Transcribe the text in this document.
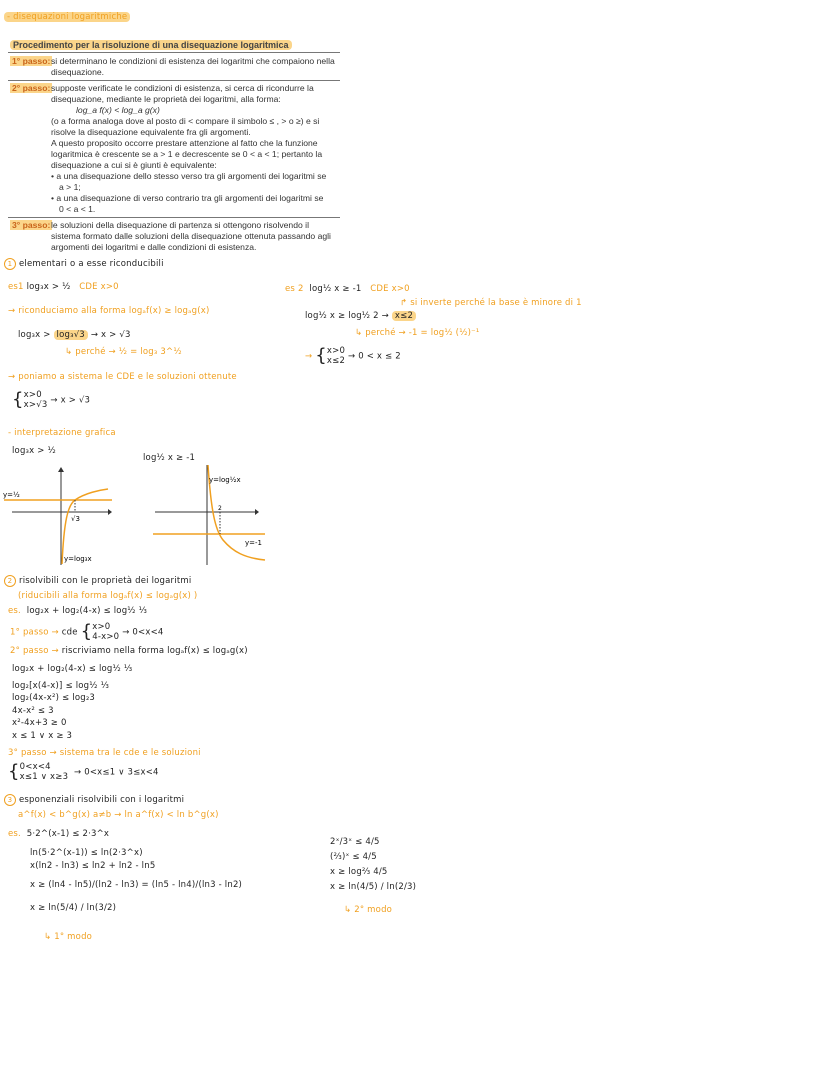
- disequazioni logaritmiche
Procedimento per la risoluzione di una disequazione logaritmica
1° passo: si determinano le condizioni di esistenza dei logaritmi che compaiono nella
disequazione.
2° passo: supposte verificate le condizioni di esistenza, si cerca di ricondurre la
disequazione, mediante le proprietà dei logaritmi, alla forma:
log_a f(x) < log_a g(x)
(o a forma analoga dove al posto di < compare il simbolo ≤ , > o ≥) e si
risolve la disequazione equivalente fra gli argomenti.
A questo proposito occorre prestare attenzione al fatto che la funzione
logaritmica è crescente se a > 1 e decrescente se 0 < a < 1; pertanto la
disequazione a cui si è giunti è equivalente:
• a una disequazione dello stesso verso tra gli argomenti dei logaritmi se
a > 1;
• a una disequazione di verso contrario tra gli argomenti dei logaritmi se
0 < a < 1.
3° passo: le soluzioni della disequazione di partenza si ottengono risolvendo il
sistema formato dalle soluzioni della disequazione ottenuta passando agli
argomenti dei logaritmi e dalle condizioni di esistenza.
1 elementari o a esse riconducibili
es1 log₃x > ½ CDE x>0
→ riconduciamo alla forma logₐf(x) ≥ logₐg(x)
log₃x > log₃√3 → x > √3
↳ perché → ½ = log₃ 3^½
→ poniamo a sistema le CDE e le soluzioni ottenute
{ x>0
x>√3 → x > √3
- interpretazione grafica
es 2 log½ x ≥ -1 CDE x>0
↱ si inverte perché la base è minore di 1
log½ x ≥ log½ 2 → x≤2
↳ perché → -1 = log½ (½)⁻¹
→ { x>0
x≤2 → 0 < x ≤ 2
log₃x > ½
y=½
√3
y=log₃x
log½ x ≥ -1
y=log½x
2
y=-1
2 risolvibili con le proprietà dei logaritmi
(riducibili alla forma logₐf(x) ≤ logₐg(x) )
es. log₂x + log₂(4-x) ≤ log½ ⅓
1° passo → cde { x>0
4-x>0 → 0<x<4
2° passo → riscriviamo nella forma logₐf(x) ≤ logₐg(x)
log₂x + log₂(4-x) ≤ log½ ⅓
log₂[x(4-x)] ≤ log½ ⅓
log₂(4x-x²) ≤ log₂3
4x-x² ≤ 3
x²-4x+3 ≥ 0
x ≤ 1 ∨ x ≥ 3
3° passo → sistema tra le cde e le soluzioni
{ 0<x<4
x≤1 ∨ x≥3 → 0<x≤1 ∨ 3≤x<4
3 esponenziali risolvibili con i logaritmi
a^f(x) < b^g(x) a≠b → ln a^f(x) < ln b^g(x)
es. 5·2^(x-1) ≤ 2·3^x
ln(5·2^(x-1)) ≤ ln(2·3^x)
x(ln2 - ln3) ≤ ln2 + ln2 - ln5
x ≥ (ln4 - ln5)/(ln2 - ln3) = (ln5 - ln4)/(ln3 - ln2)
x ≥ ln(5/4) / ln(3/2)
↳ 1° modo
2ˣ/3ˣ ≤ 4/5
(⅔)ˣ ≤ 4/5
x ≥ log⅔ 4/5
x ≥ ln(4/5) / ln(2/3)
↳ 2° modo
